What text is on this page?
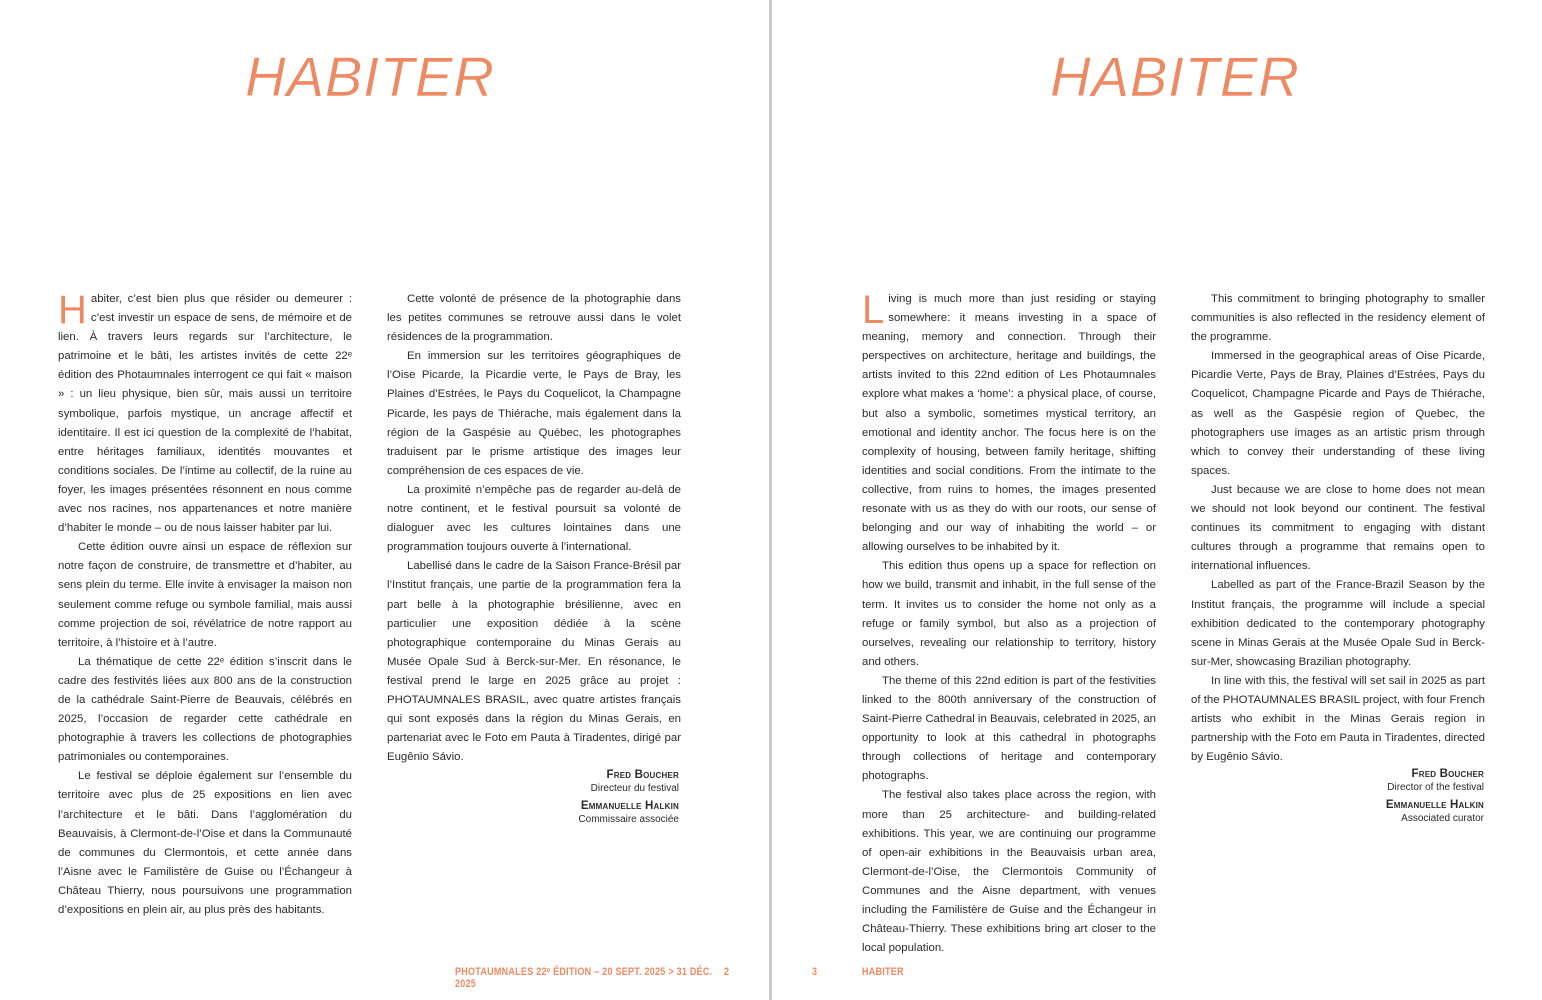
HABITER

Habiter, c’est bien plus que résider ou demeurer : c’est investir un espace de sens, de mémoire et de lien. À travers leurs regards sur l’architecture, le patrimoine et le bâti, les artistes invités de cette 22ᵉ édition des Photaumnales interrogent ce qui fait « maison » : un lieu physique, bien sûr, mais aussi un territoire symbolique, parfois mystique, un ancrage affectif et identitaire. Il est ici question de la complexité de l’habitat, entre héritages familiaux, identités mouvantes et conditions sociales. De l’intime au collectif, de la ruine au foyer, les images présentées résonnent en nous comme avec nos racines, nos appartenances et notre manière d’habiter le monde – ou de nous laisser habiter par lui.

Cette édition ouvre ainsi un espace de réflexion sur notre façon de construire, de transmettre et d’habiter, au sens plein du terme. Elle invite à envisager la maison non seulement comme refuge ou symbole familial, mais aussi comme projection de soi, révélatrice de notre rapport au territoire, à l’histoire et à l’autre.

La thématique de cette 22ᵉ édition s’inscrit dans le cadre des festivités liées aux 800 ans de la construction de la cathédrale Saint-Pierre de Beauvais, célébrés en 2025, l’occasion de regarder cette cathédrale en photographie à travers les collections de photographies patrimoniales ou contemporaines.

Le festival se déploie également sur l’ensemble du territoire avec plus de 25 expositions en lien avec l’architecture et le bâti. Dans l’agglomération du Beauvaisis, à Clermont-de-l’Oise et dans la Communauté de communes du Clermontois, et cette année dans l’Aisne avec le Familistère de Guise ou l’Échangeur à Château Thierry, nous poursuivons une programmation d’expositions en plein air, au plus près des habitants.

Cette volonté de présence de la photographie dans les petites communes se retrouve aussi dans le volet résidences de la programmation.

En immersion sur les territoires géographiques de l’Oise Picarde, la Picardie verte, le Pays de Bray, les Plaines d’Estrées, le Pays du Coquelicot, la Champagne Picarde, les pays de Thiérache, mais également dans la région de la Gaspésie au Québec, les photographes traduisent par le prisme artistique des images leur compréhension de ces espaces de vie.

La proximité n’empêche pas de regarder au-delà de notre continent, et le festival poursuit sa volonté de dialoguer avec les cultures lointaines dans une programmation toujours ouverte à l’international.

Labellisé dans le cadre de la Saison France-Brésil par l’Institut français, une partie de la programmation fera la part belle à la photographie brésilienne, avec en particulier une exposition dédiée à la scène photographique contemporaine du Minas Gerais au Musée Opale Sud à Berck-sur-Mer. En résonance, le festival prend le large en 2025 grâce au projet : PHOTAUMNALES BRASIL, avec quatre artistes français qui sont exposés dans la région du Minas Gerais, en partenariat avec le Foto em Pauta à Tiradentes, dirigé par Eugênio Sávio.

Fred Boucher
Directeur du festival
Emmanuelle Halkin
Commissaire associée
PHOTAUMNALES 22ᵉ ÉDITION – 20 SEPT. 2025 > 31 DÉC. 2025
2
HABITER

Living is much more than just residing or staying somewhere: it means investing in a space of meaning, memory and connection. Through their perspectives on architecture, heritage and buildings, the artists invited to this 22nd edition of Les Photaumnales explore what makes a ‘home’: a physical place, of course, but also a symbolic, sometimes mystical territory, an emotional and identity anchor. The focus here is on the complexity of housing, between family heritage, shifting identities and social conditions. From the intimate to the collective, from ruins to homes, the images presented resonate with us as they do with our roots, our sense of belonging and our way of inhabiting the world – or allowing ourselves to be inhabited by it.

This edition thus opens up a space for reflection on how we build, transmit and inhabit, in the full sense of the term. It invites us to consider the home not only as a refuge or family symbol, but also as a projection of ourselves, revealing our relationship to territory, history and others.

The theme of this 22nd edition is part of the festivities linked to the 800th anniversary of the construction of Saint-Pierre Cathedral in Beauvais, celebrated in 2025, an opportunity to look at this cathedral in photographs through collections of heritage and contemporary photographs.

The festival also takes place across the region, with more than 25 architecture- and building-related exhibitions. This year, we are continuing our programme of open-air exhibitions in the Beauvaisis urban area, Clermont-de-l’Oise, the Clermontois Community of Communes and the Aisne department, with venues including the Familistère de Guise and the Échangeur in Château-Thierry. These exhibitions bring art closer to the local population.

This commitment to bringing photography to smaller communities is also reflected in the residency element of the programme.

Immersed in the geographical areas of Oise Picarde, Picardie Verte, Pays de Bray, Plaines d’Estrées, Pays du Coquelicot, Champagne Picarde and Pays de Thiérache, as well as the Gaspésie region of Quebec, the photographers use images as an artistic prism through which to convey their understanding of these living spaces.

Just because we are close to home does not mean we should not look beyond our continent. The festival continues its commitment to engaging with distant cultures through a programme that remains open to international influences.

Labelled as part of the France-Brazil Season by the Institut français, the programme will include a special exhibition dedicated to the contemporary photography scene in Minas Gerais at the Musée Opale Sud in Berck-sur-Mer, showcasing Brazilian photography.

In line with this, the festival will set sail in 2025 as part of the PHOTAUMNALES BRASIL project, with four French artists who exhibit in the Minas Gerais region in partnership with the Foto em Pauta in Tiradentes, directed by Eugênio Sávio.

Fred Boucher
Director of the festival
Emmanuelle Halkin
Associated curator
3	HABITER
